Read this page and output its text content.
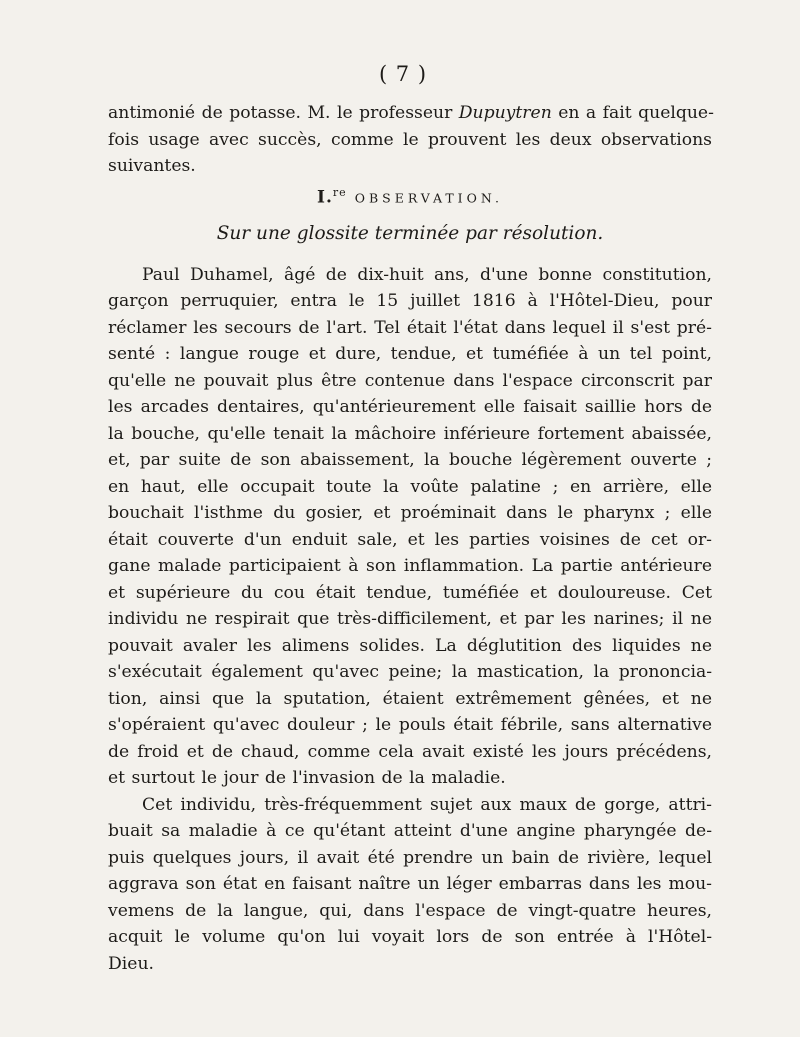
( 7 )
antimonié de potasse. M. le professeur Dupuytren en a fait quelque-
fois usage avec succès, comme le prouvent les deux observations
suivantes.
I.$^{re}$ OBSERVATION.
Sur une glossite terminée par résolution.
Paul Duhamel, âgé de dix-huit ans, d'une bonne constitution,
garçon perruquier, entra le 15 juillet 1816 à l'Hôtel-Dieu, pour
réclamer les secours de l'art. Tel était l'état dans lequel il s'est pré-
senté : langue rouge et dure, tendue, et tuméfiée à un tel point,
qu'elle ne pouvait plus être contenue dans l'espace circonscrit par
les arcades dentaires, qu'antérieurement elle faisait saillie hors de
la bouche, qu'elle tenait la mâchoire inférieure fortement abaissée,
et, par suite de son abaissement, la bouche légèrement ouverte ;
en haut, elle occupait toute la voûte palatine ; en arrière, elle
bouchait l'isthme du gosier, et proéminait dans le pharynx ; elle
était couverte d'un enduit sale, et les parties voisines de cet or-
gane malade participaient à son inflammation. La partie antérieure
et supérieure du cou était tendue, tuméfiée et douloureuse. Cet
individu ne respirait que très-difficilement, et par les narines; il ne
pouvait avaler les alimens solides. La déglutition des liquides ne
s'exécutait également qu'avec peine; la mastication, la prononcia-
tion, ainsi que la sputation, étaient extrêmement gênées, et ne
s'opéraient qu'avec douleur ; le pouls était fébrile, sans alternative
de froid et de chaud, comme cela avait existé les jours précédens,
et surtout le jour de l'invasion de la maladie.
Cet individu, très-fréquemment sujet aux maux de gorge, attri-
buait sa maladie à ce qu'étant atteint d'une angine pharyngée de-
puis quelques jours, il avait été prendre un bain de rivière, lequel
aggrava son état en faisant naître un léger embarras dans les mou-
vemens de la langue, qui, dans l'espace de vingt-quatre heures,
acquit le volume qu'on lui voyait lors de son entrée à l'Hôtel-
Dieu.
